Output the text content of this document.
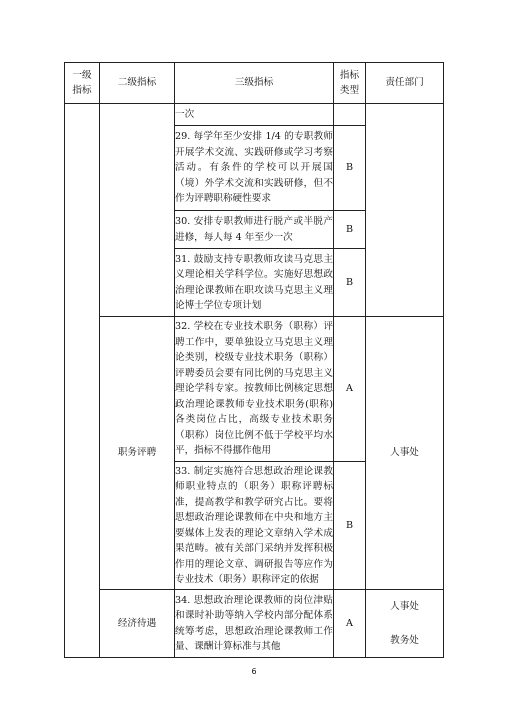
一级
指标	二级指标	三级指标	指标
类型	责任部门
		一次		
		29. 每学年至少安排 1/4 的专职教师开展学术交流、实践研修或学习考察活动。有条件的学校可以开展国（境）外学术交流和实践研修，但不作为评聘职称硬性要求	B	
		30. 安排专职教师进行脱产或半脱产进修，每人每 4 年至少一次	B	
		31. 鼓励支持专职教师攻读马克思主义理论相关学科学位。实施好思想政治理论课教师在职攻读马克思主义理论博士学位专项计划	B	
	职务评聘	32. 学校在专业技术职务（职称）评聘工作中，要单独设立马克思主义理论类别，校级专业技术职务（职称）评聘委员会要有同比例的马克思主义理论学科专家。按教师比例核定思想政治理论课教师专业技术职务(职称)各类岗位占比，高级专业技术职务（职称）岗位比例不低于学校平均水平，指标不得挪作他用	A	人事处
		33. 制定实施符合思想政治理论课教师职业特点的（职务）职称评聘标准，提高教学和教学研究占比。要将思想政治理论课教师在中央和地方主要媒体上发表的理论文章纳入学术成果范畴。被有关部门采纳并发挥积极作用的理论文章、调研报告等应作为专业技术（职务）职称评定的依据	B	
	经济待遇	34. 思想政治理论课教师的岗位津贴和课时补助等纳入学校内部分配体系统筹考虑，思想政治理论课教师工作量、课酬计算标准与其他	A	人事处
教务处
6
